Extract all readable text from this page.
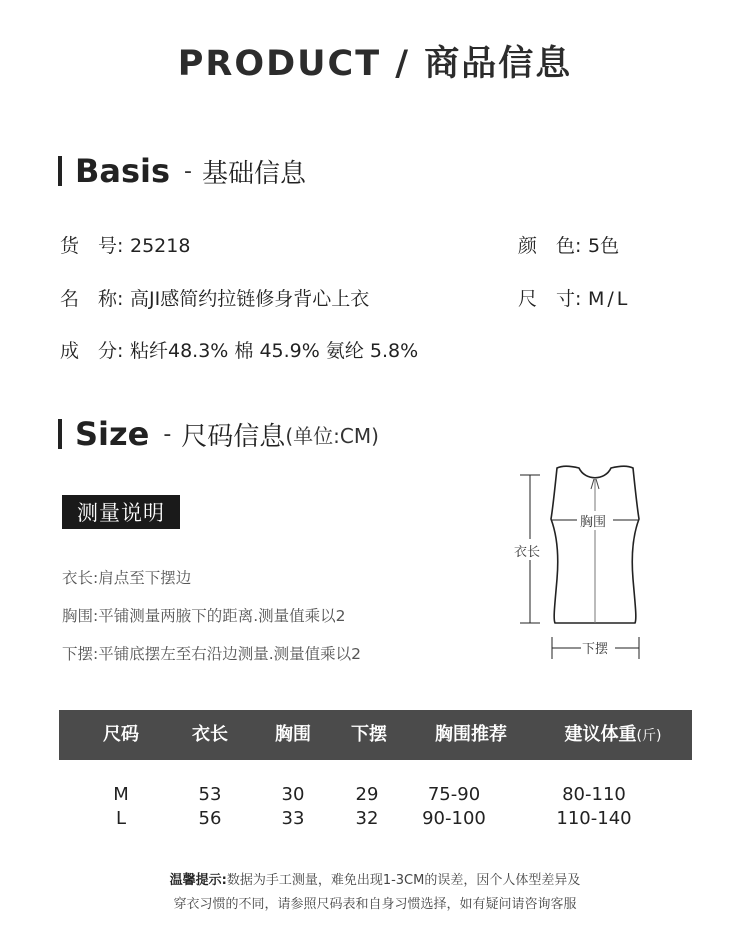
PRODUCT / 商品信息
Basis - 基础信息
货　号: 25218
名　称: 高JI感简约拉链修身背心上衣
成　分: 粘纤48.3% 棉 45.9% 氨纶 5.8%
颜　色: 5色
尺　寸: M/L
Size - 尺码信息 (单位:CM)
测量说明
衣长:肩点至下摆边
胸围:平铺测量两腋下的距离.测量值乘以2
下摆:平铺底摆左至右沿边测量.测量值乘以2
胸围
衣长
下摆
尺码	衣长	胸围	下摆	胸围推荐	建议体重(斤)
M	53	30	29	75-90	80-110
L	56	33	32	90-100	110-140
温馨提示:数据为手工测量，难免出现1-3CM的误差，因个人体型差异及
穿衣习惯的不同，请参照尺码表和自身习惯选择，如有疑问请咨询客服
